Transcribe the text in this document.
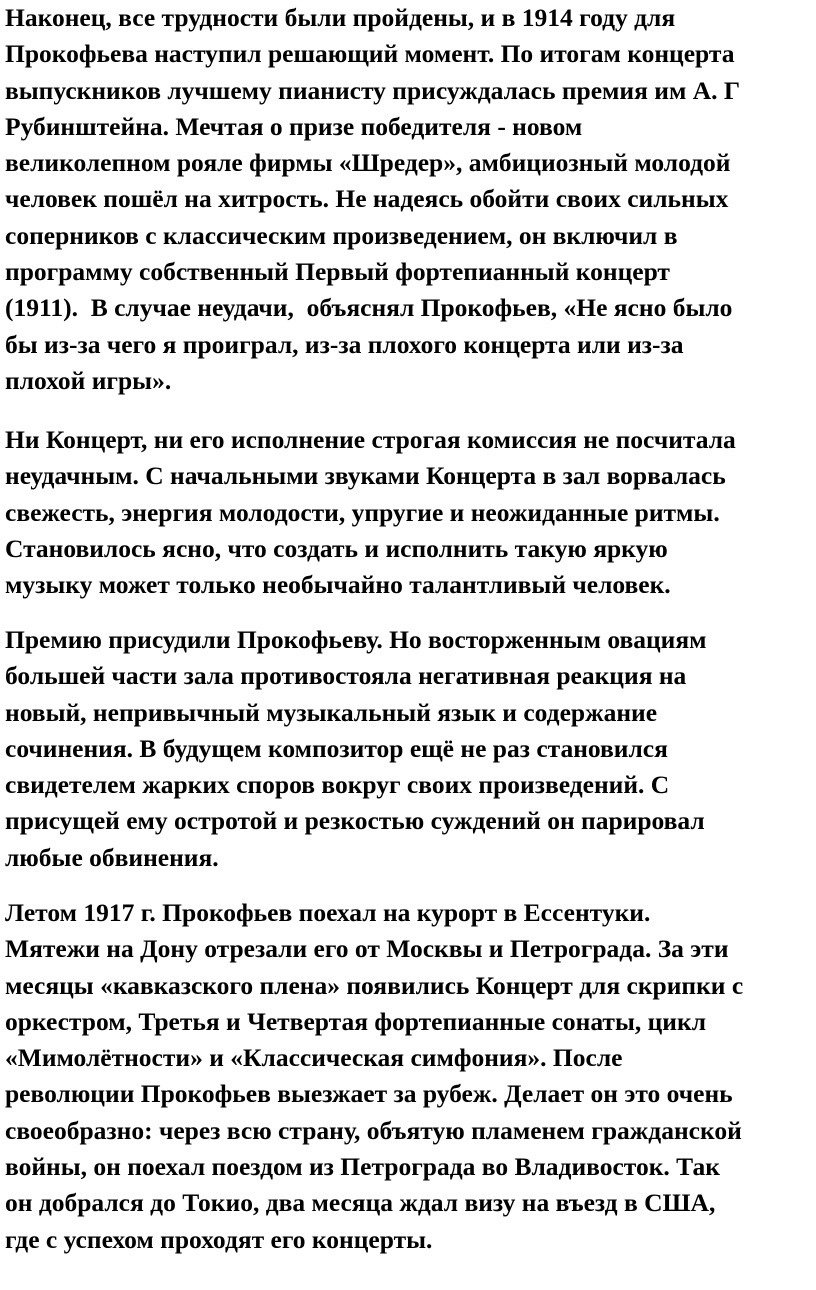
Наконец, все трудности были пройдены, и в 1914 году для
Прокофьева наступил решающий момент. По итогам концерта
выпускников лучшему пианисту присуждалась премия им А. Г
Рубинштейна. Мечтая о призе победителя - новом
великолепном рояле фирмы «Шредер», амбициозный молодой
человек пошёл на хитрость. Не надеясь обойти своих сильных
соперников с классическим произведением, он включил в
программу собственный Первый фортепианный концерт
(1911).  В случае неудачи,  объяснял Прокофьев, «Не ясно было
бы из-за чего я проиграл, из-за плохого концерта или из-за
плохой игры».
Ни Концерт, ни его исполнение строгая комиссия не посчитала
неудачным. С начальными звуками Концерта в зал ворвалась
свежесть, энергия молодости, упругие и неожиданные ритмы.
Становилось ясно, что создать и исполнить такую яркую
музыку может только необычайно талантливый человек.
Премию присудили Прокофьеву. Но восторженным овациям
большей части зала противостояла негативная реакция на
новый, непривычный музыкальный язык и содержание
сочинения. В будущем композитор ещё не раз становился
свидетелем жарких споров вокруг своих произведений. С
присущей ему остротой и резкостью суждений он парировал
любые обвинения.
Летом 1917 г. Прокофьев поехал на курорт в Ессентуки.
Мятежи на Дону отрезали его от Москвы и Петрограда. За эти
месяцы «кавказского плена» появились Концерт для скрипки с
оркестром, Третья и Четвертая фортепианные сонаты, цикл
«Мимолётности» и «Классическая симфония». После
революции Прокофьев выезжает за рубеж. Делает он это очень
своеобразно: через всю страну, объятую пламенем гражданской
войны, он поехал поездом из Петрограда во Владивосток. Так
он добрался до Токио, два месяца ждал визу на въезд в США,
где с успехом проходят его концерты.
